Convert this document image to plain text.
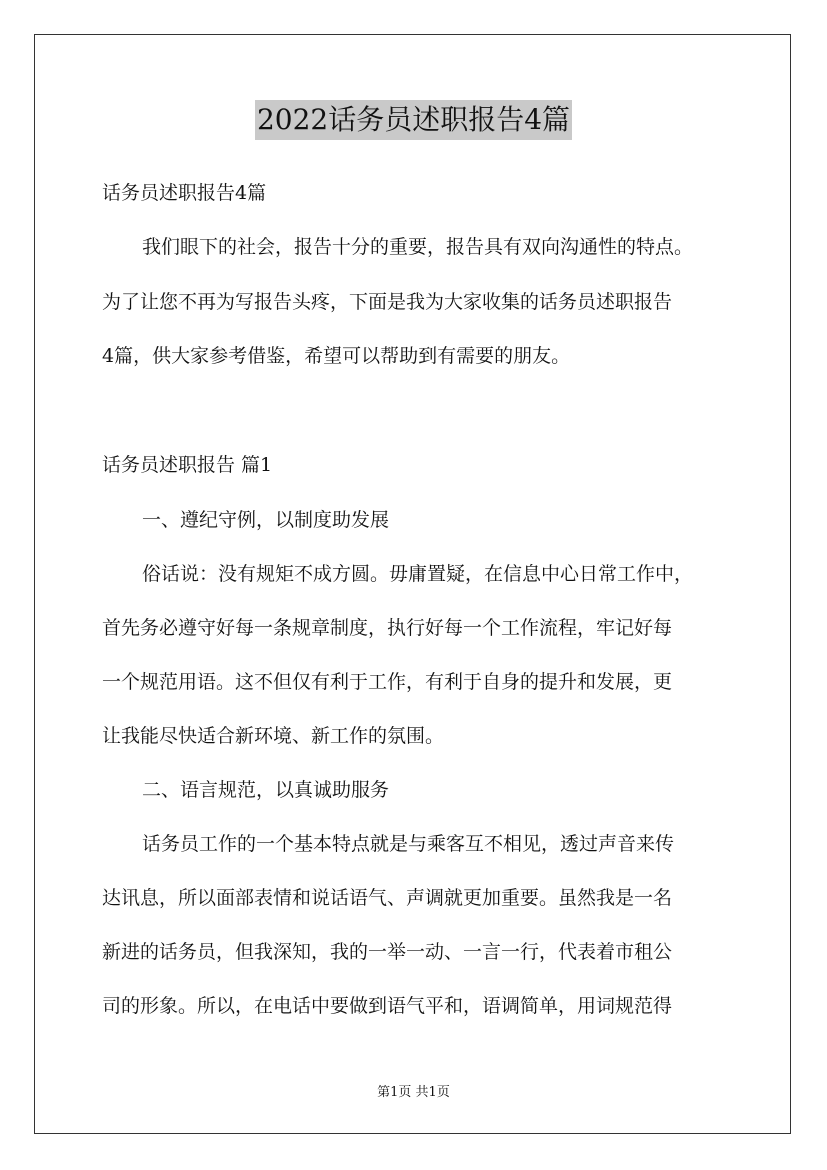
2022话务员述职报告4篇
话务员述职报告4篇
我们眼下的社会，报告十分的重要，报告具有双向沟通性的特点。
为了让您不再为写报告头疼，下面是我为大家收集的话务员述职报告
4篇，供大家参考借鉴，希望可以帮助到有需要的朋友。
话务员述职报告 篇1
一、遵纪守例，以制度助发展
俗话说：没有规矩不成方圆。毋庸置疑，在信息中心日常工作中，
首先务必遵守好每一条规章制度，执行好每一个工作流程，牢记好每
一个规范用语。这不但仅有利于工作，有利于自身的提升和发展，更
让我能尽快适合新环境、新工作的氛围。
二、语言规范，以真诚助服务
话务员工作的一个基本特点就是与乘客互不相见，透过声音来传
达讯息，所以面部表情和说话语气、声调就更加重要。虽然我是一名
新进的话务员，但我深知，我的一举一动、一言一行，代表着市租公
司的形象。所以，在电话中要做到语气平和，语调简单，用词规范得
第1页 共1页
